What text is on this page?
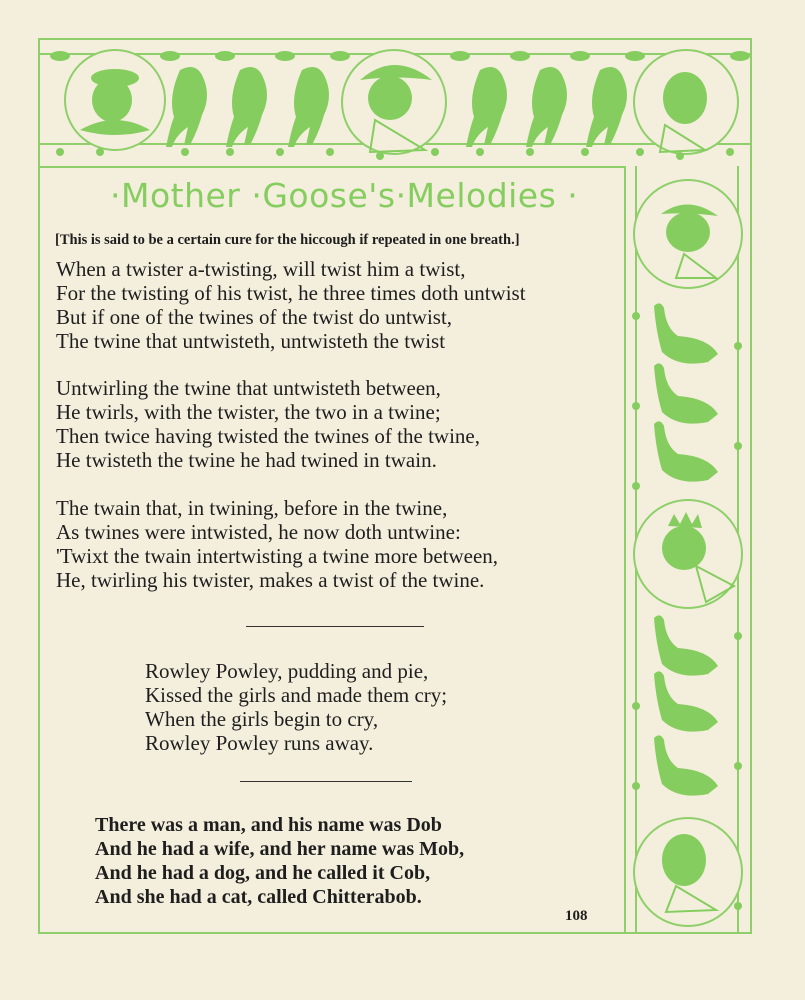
·Mother ·Goose's·Melodies ·
[This is said to be a certain cure for the hiccough if repeated in one breath.]
When a twister a-twisting, will twist him a twist,
For the twisting of his twist, he three times doth untwist
But if one of the twines of the twist do untwist,
The twine that untwisteth, untwisteth the twist
Untwirling the twine that untwisteth between,
He twirls, with the twister, the two in a twine;
Then twice having twisted the twines of the twine,
He twisteth the twine he had twined in twain.
The twain that, in twining, before in the twine,
As twines were intwisted, he now doth untwine:
'Twixt the twain intertwisting a twine more between,
He, twirling his twister, makes a twist of the twine.
Rowley Powley, pudding and pie,
Kissed the girls and made them cry;
When the girls begin to cry,
Rowley Powley runs away.
There was a man, and his name was Dob
And he had a wife, and her name was Mob,
And he had a dog, and he called it Cob,
And she had a cat, called Chitterabob.
108
